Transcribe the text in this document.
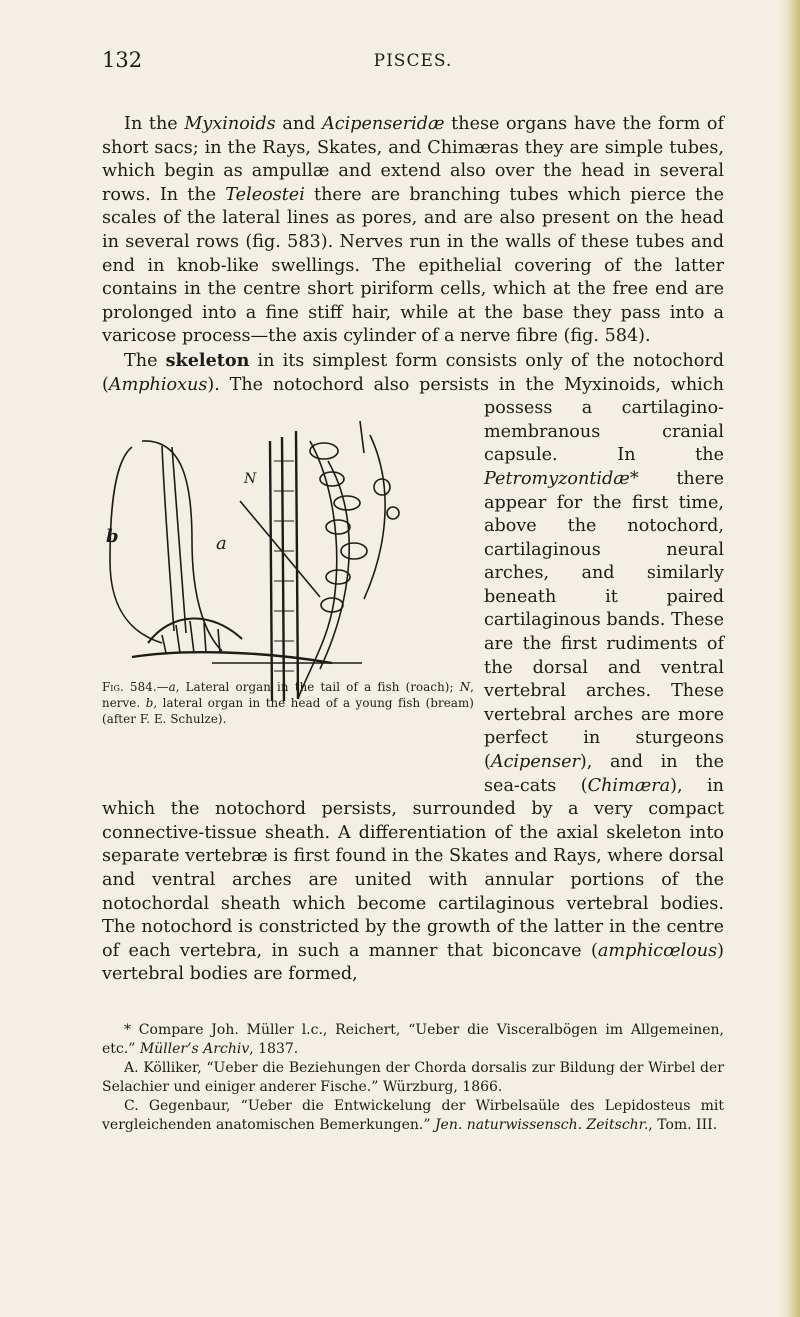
132	PISCES.

In the Myxinoids and Acipenseridæ these organs have the form of short sacs; in the Rays, Skates, and Chimæras they are simple tubes, which begin as ampullæ and extend also over the head in several rows. In the Teleostei there are branching tubes which pierce the scales of the lateral lines as pores, and are also present on the head in several rows (fig. 583). Nerves run in the walls of these tubes and end in knob-like swellings. The epithelial covering of the latter contains in the centre short piriform cells, which at the free end are prolonged into a fine stiff hair, while at the base they pass into a varicose process—the axis cylinder of a nerve fibre (fig. 584).

The skeleton in its simplest form consists only of the notochord (Amphioxus). The notochord also persists in the Myxinoids, which
b	a
N
Fig. 584.—a, Lateral organ in the tail of a fish (roach); N, nerve. b, lateral organ in the head of a young fish (bream) (after F. E. Schulze).
possess a cartilagino-membranous cranial capsule. In the Petromyzontidæ* there appear for the first time, above the notochord, cartilaginous neural arches, and similarly beneath it paired cartilaginous bands. These are the first rudiments of the dorsal and ventral vertebral arches. These vertebral arches are more perfect in sturgeons (Acipenser), and in the sea-cats (Chimæra), in which the notochord persists, surrounded by a very compact connective-tissue sheath. A differentiation of the axial skeleton into separate vertebræ is first found in the Skates and Rays, where dorsal and ventral arches are united with annular portions of the notochordal sheath which become cartilaginous vertebral bodies. The notochord is constricted by the growth of the latter in the centre of each vertebra, in such a manner that biconcave (amphicœlous) vertebral bodies are formed,

* Compare Joh. Müller l.c., Reichert, “Ueber die Visceralbögen im Allgemeinen, etc.” Müller’s Archiv, 1837.

A. Kölliker, “Ueber die Beziehungen der Chorda dorsalis zur Bildung der Wirbel der Selachier und einiger anderer Fische.” Würzburg, 1866.

C. Gegenbaur, “Ueber die Entwickelung der Wirbelsaüle des Lepidosteus mit vergleichenden anatomischen Bemerkungen.” Jen. naturwissensch. Zeitschr., Tom. III.
